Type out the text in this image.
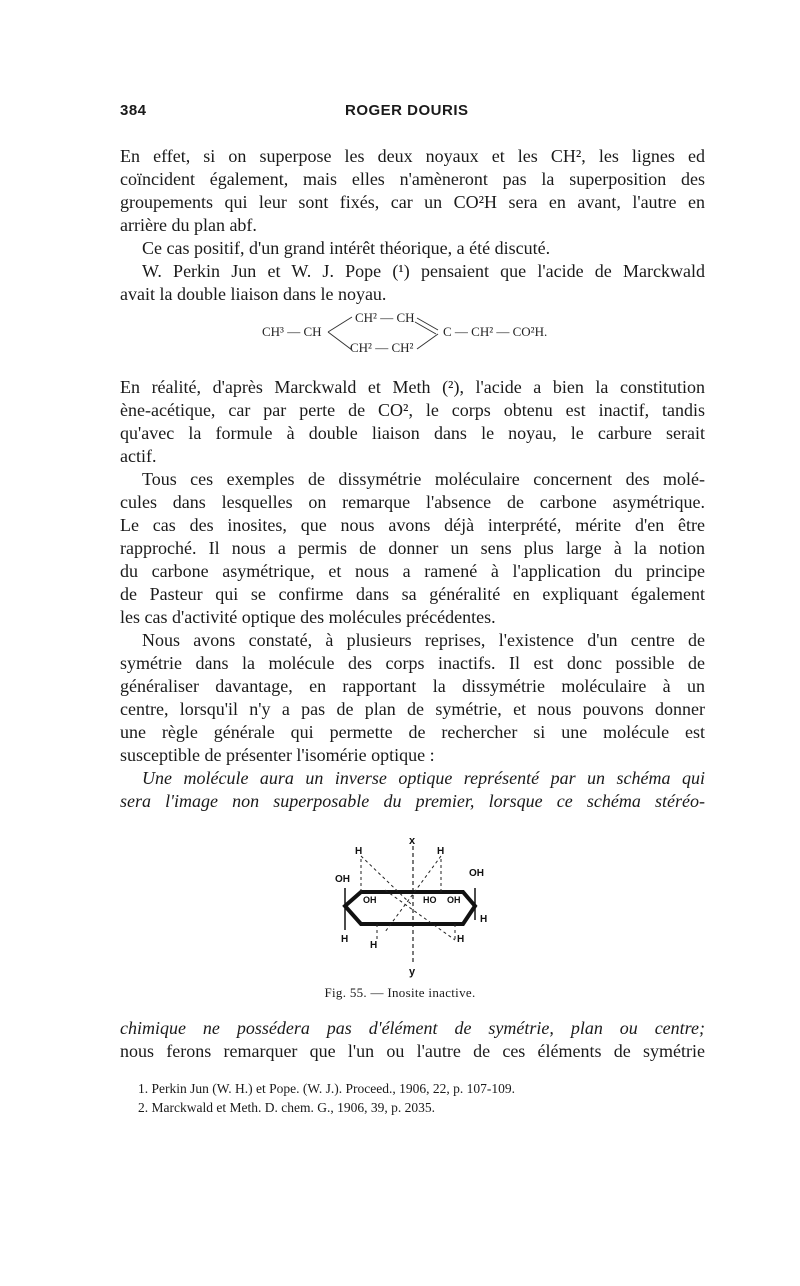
384	ROGER DOURIS
En effet, si on superpose les deux noyaux et les CH², les lignes ed
coïncident également, mais elles n'amèneront pas la superposition des
groupements qui leur sont fixés, car un CO²H sera en avant, l'autre en
arrière du plan abf.
Ce cas positif, d'un grand intérêt théorique, a été discuté.
W. Perkin Jun et W. J. Pope (¹) pensaient que l'acide de Marckwald
avait la double liaison dans le noyau.
CH³ — CH
CH² — CH
CH² — CH²
C — CH² — CO²H.
En réalité, d'après Marckwald et Meth (²), l'acide a bien la constitution
ène-acétique, car par perte de CO², le corps obtenu est inactif, tandis
qu'avec la formule à double liaison dans le noyau, le carbure serait
actif.
Tous ces exemples de dissymétrie moléculaire concernent des molé-
cules dans lesquelles on remarque l'absence de carbone asymétrique.
Le cas des inosites, que nous avons déjà interprété, mérite d'en être
rapproché. Il nous a permis de donner un sens plus large à la notion
du carbone asymétrique, et nous a ramené à l'application du principe
de Pasteur qui se confirme dans sa généralité en expliquant également
les cas d'activité optique des molécules précédentes.
Nous avons constaté, à plusieurs reprises, l'existence d'un centre de
symétrie dans la molécule des corps inactifs. Il est donc possible de
généraliser davantage, en rapportant la dissymétrie moléculaire à un
centre, lorsqu'il n'y a pas de plan de symétrie, et nous pouvons donner
une règle générale qui permette de rechercher si une molécule est
susceptible de présenter l'isomérie optique :
Une molécule aura un inverse optique représenté par un schéma qui
sera l'image non superposable du premier, lorsque ce schéma stéréo-
x
y
H	H
OH
OH
OH	HO OH
H
H
H
H
Fig. 55. — Inosite inactive.
chimique ne possédera pas d'élément de symétrie, plan ou centre;
nous ferons remarquer que l'un ou l'autre de ces éléments de symétrie
1. Perkin Jun (W. H.) et Pope. (W. J.). Proceed., 1906, 22, p. 107-109.
2. Marckwald et Meth. D. chem. G., 1906, 39, p. 2035.
